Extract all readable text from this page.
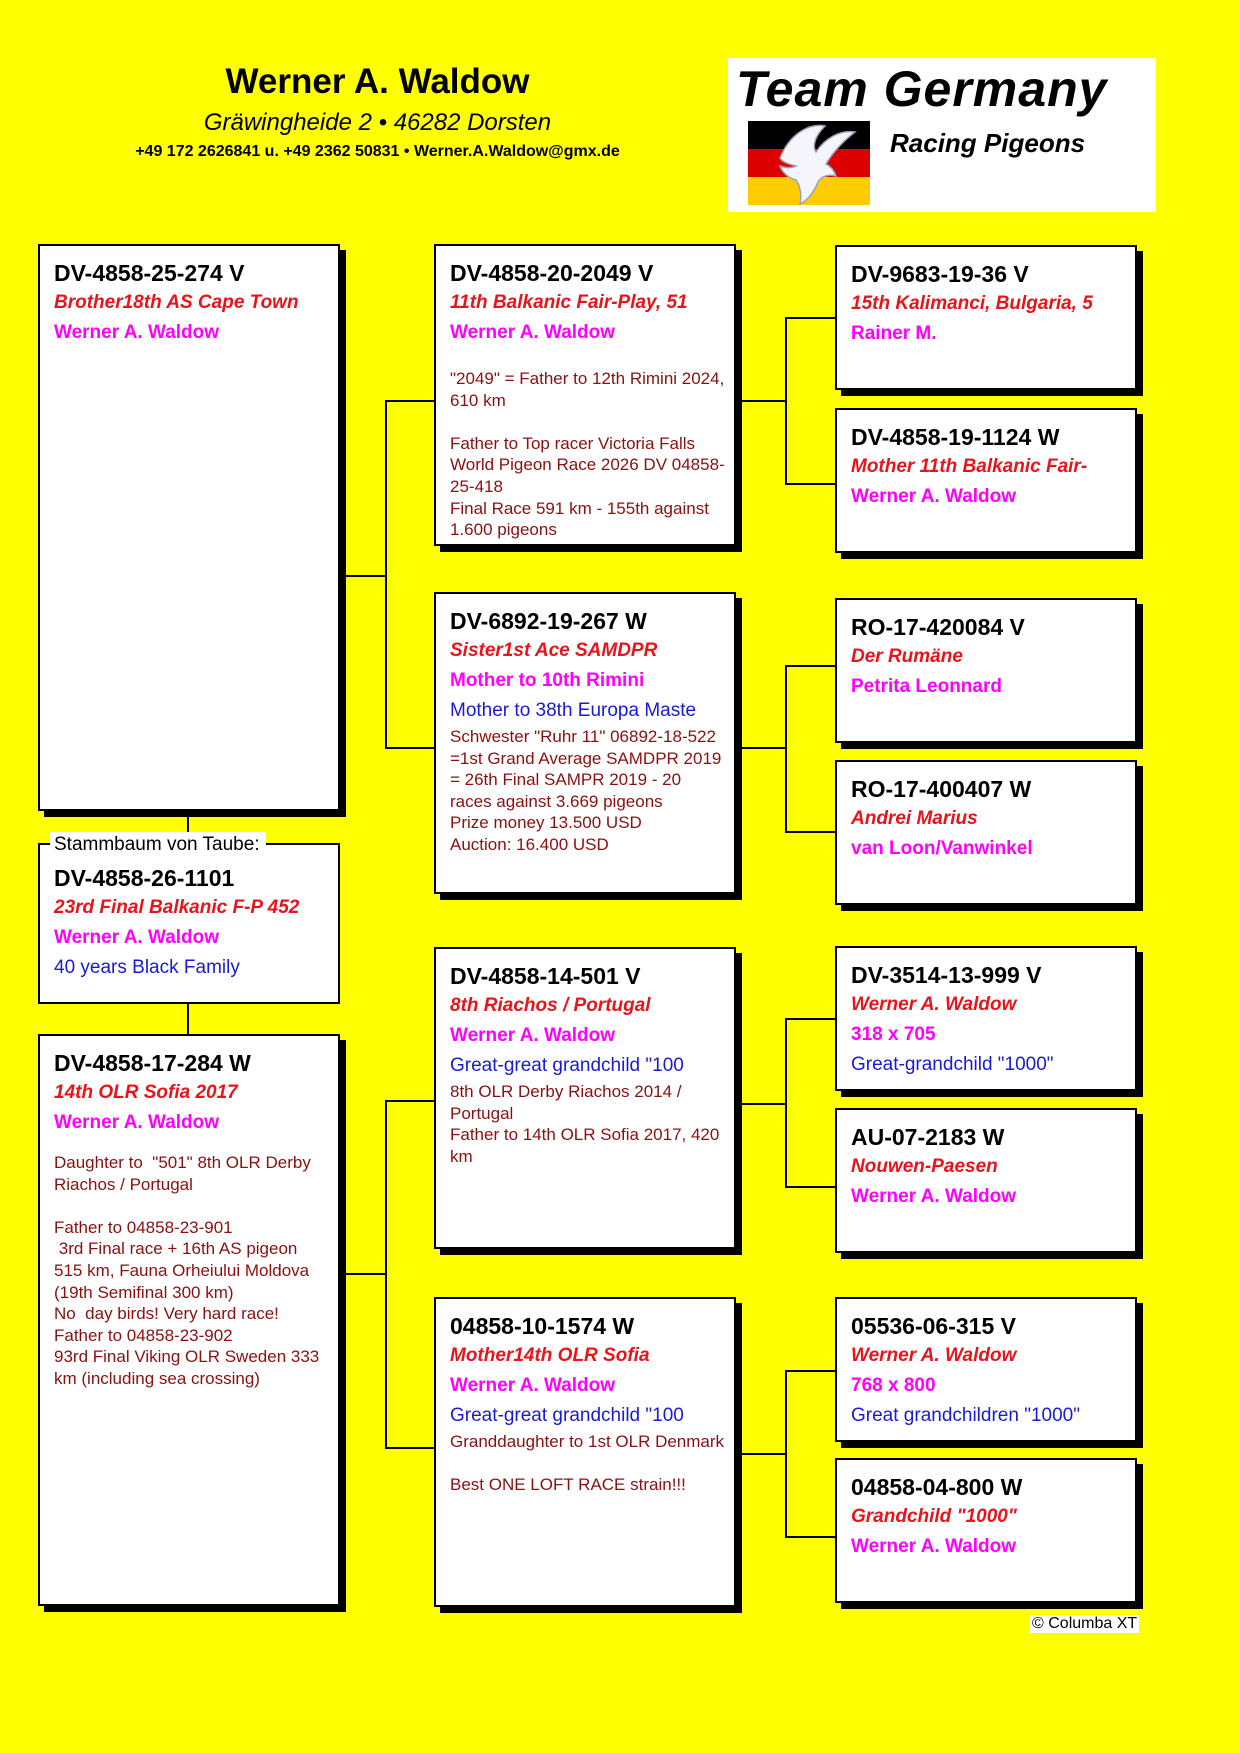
Werner A. Waldow
Gräwingheide 2 • 46282 Dorsten
+49 172 2626841 u. +49 2362 50831 • Werner.A.Waldow@gmx.de
Team Germany
Racing Pigeons
DV-4858-25-274 V
Brother18th AS Cape Town
Werner A. Waldow
DV-4858-26-1101
23rd Final Balkanic F-P 452
Werner A. Waldow
40 years Black Family
Stammbaum von Taube:
DV-4858-17-284 W
14th OLR Sofia 2017
Werner A. Waldow
Daughter to  "501" 8th OLR Derby Riachos / Portugal

Father to 04858-23-901
3rd Final race + 16th AS pigeon 515 km, Fauna Orheiului Moldova (19th Semifinal 300 km)
No  day birds! Very hard race!
Father to 04858-23-902
93rd Final Viking OLR Sweden 333 km (including sea crossing)
DV-4858-20-2049 V
11th Balkanic Fair-Play, 51
Werner A. Waldow
"2049" = Father to 12th Rimini 2024, 610 km

Father to Top racer Victoria Falls World Pigeon Race 2026 DV 04858-25-418
Final Race 591 km - 155th against 1.600 pigeons
DV-6892-19-267 W
Sister1st Ace SAMDPR
Mother to 10th Rimini
Mother to 38th Europa Maste
Schwester "Ruhr 11" 06892-18-522
=1st Grand Average SAMDPR 2019 = 26th Final SAMPR 2019 - 20 races against 3.669 pigeons
Prize money 13.500 USD
Auction: 16.400 USD
DV-4858-14-501 V
8th Riachos / Portugal
Werner A. Waldow
Great-great grandchild "100
8th OLR Derby Riachos 2014 / Portugal
Father to 14th OLR Sofia 2017, 420 km
04858-10-1574 W
Mother14th OLR Sofia
Werner A. Waldow
Great-great grandchild "100
Granddaughter to 1st OLR Denmark

Best ONE LOFT RACE strain!!!
DV-9683-19-36 V
15th Kalimanci, Bulgaria, 5
Rainer M.
DV-4858-19-1124 W
Mother 11th Balkanic Fair-
Werner A. Waldow
RO-17-420084 V
Der Rumäne
Petrita Leonnard
RO-17-400407 W
Andrei Marius
van Loon/Vanwinkel
DV-3514-13-999 V
Werner A. Waldow
318 x 705
Great-grandchild "1000"
AU-07-2183 W
Nouwen-Paesen
Werner A. Waldow
05536-06-315 V
Werner A. Waldow
768 x 800
Great grandchildren "1000"
04858-04-800 W
Grandchild "1000"
Werner A. Waldow
© Columba XT
